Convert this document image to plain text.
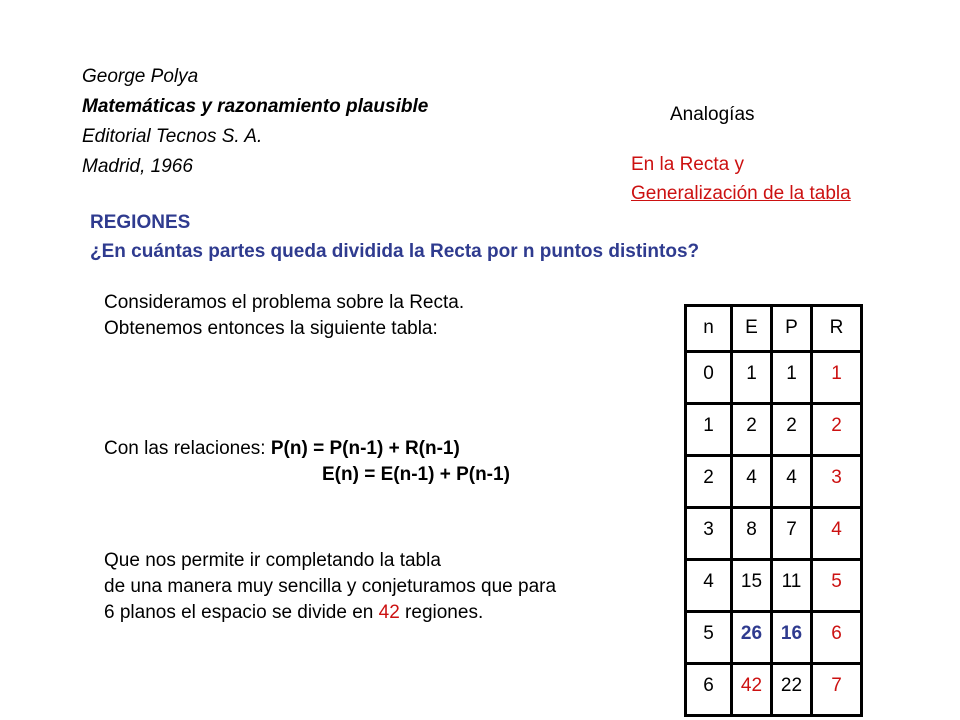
George Polya
Matemáticas y razonamiento plausible
Editorial Tecnos S. A.
Madrid, 1966
Analogías
En la Recta y
Generalización de la tabla
REGIONES
¿En cuántas partes queda dividida la Recta por n puntos distintos?
Consideramos el problema sobre la Recta.
Obtenemos entonces la siguiente tabla:
Con las relaciones: P(n) = P(n-1) + R(n-1)
E(n) = E(n-1) + P(n-1)
Que nos permite ir completando la tabla
de una manera muy sencilla y conjeturamos que para
6 planos el espacio se divide en 42 regiones.
n	E	P	R
0	1	1	1
1	2	2	2
2	4	4	3
3	8	7	4
4	15	11	5
5	26	16	6
6	42	22	7
